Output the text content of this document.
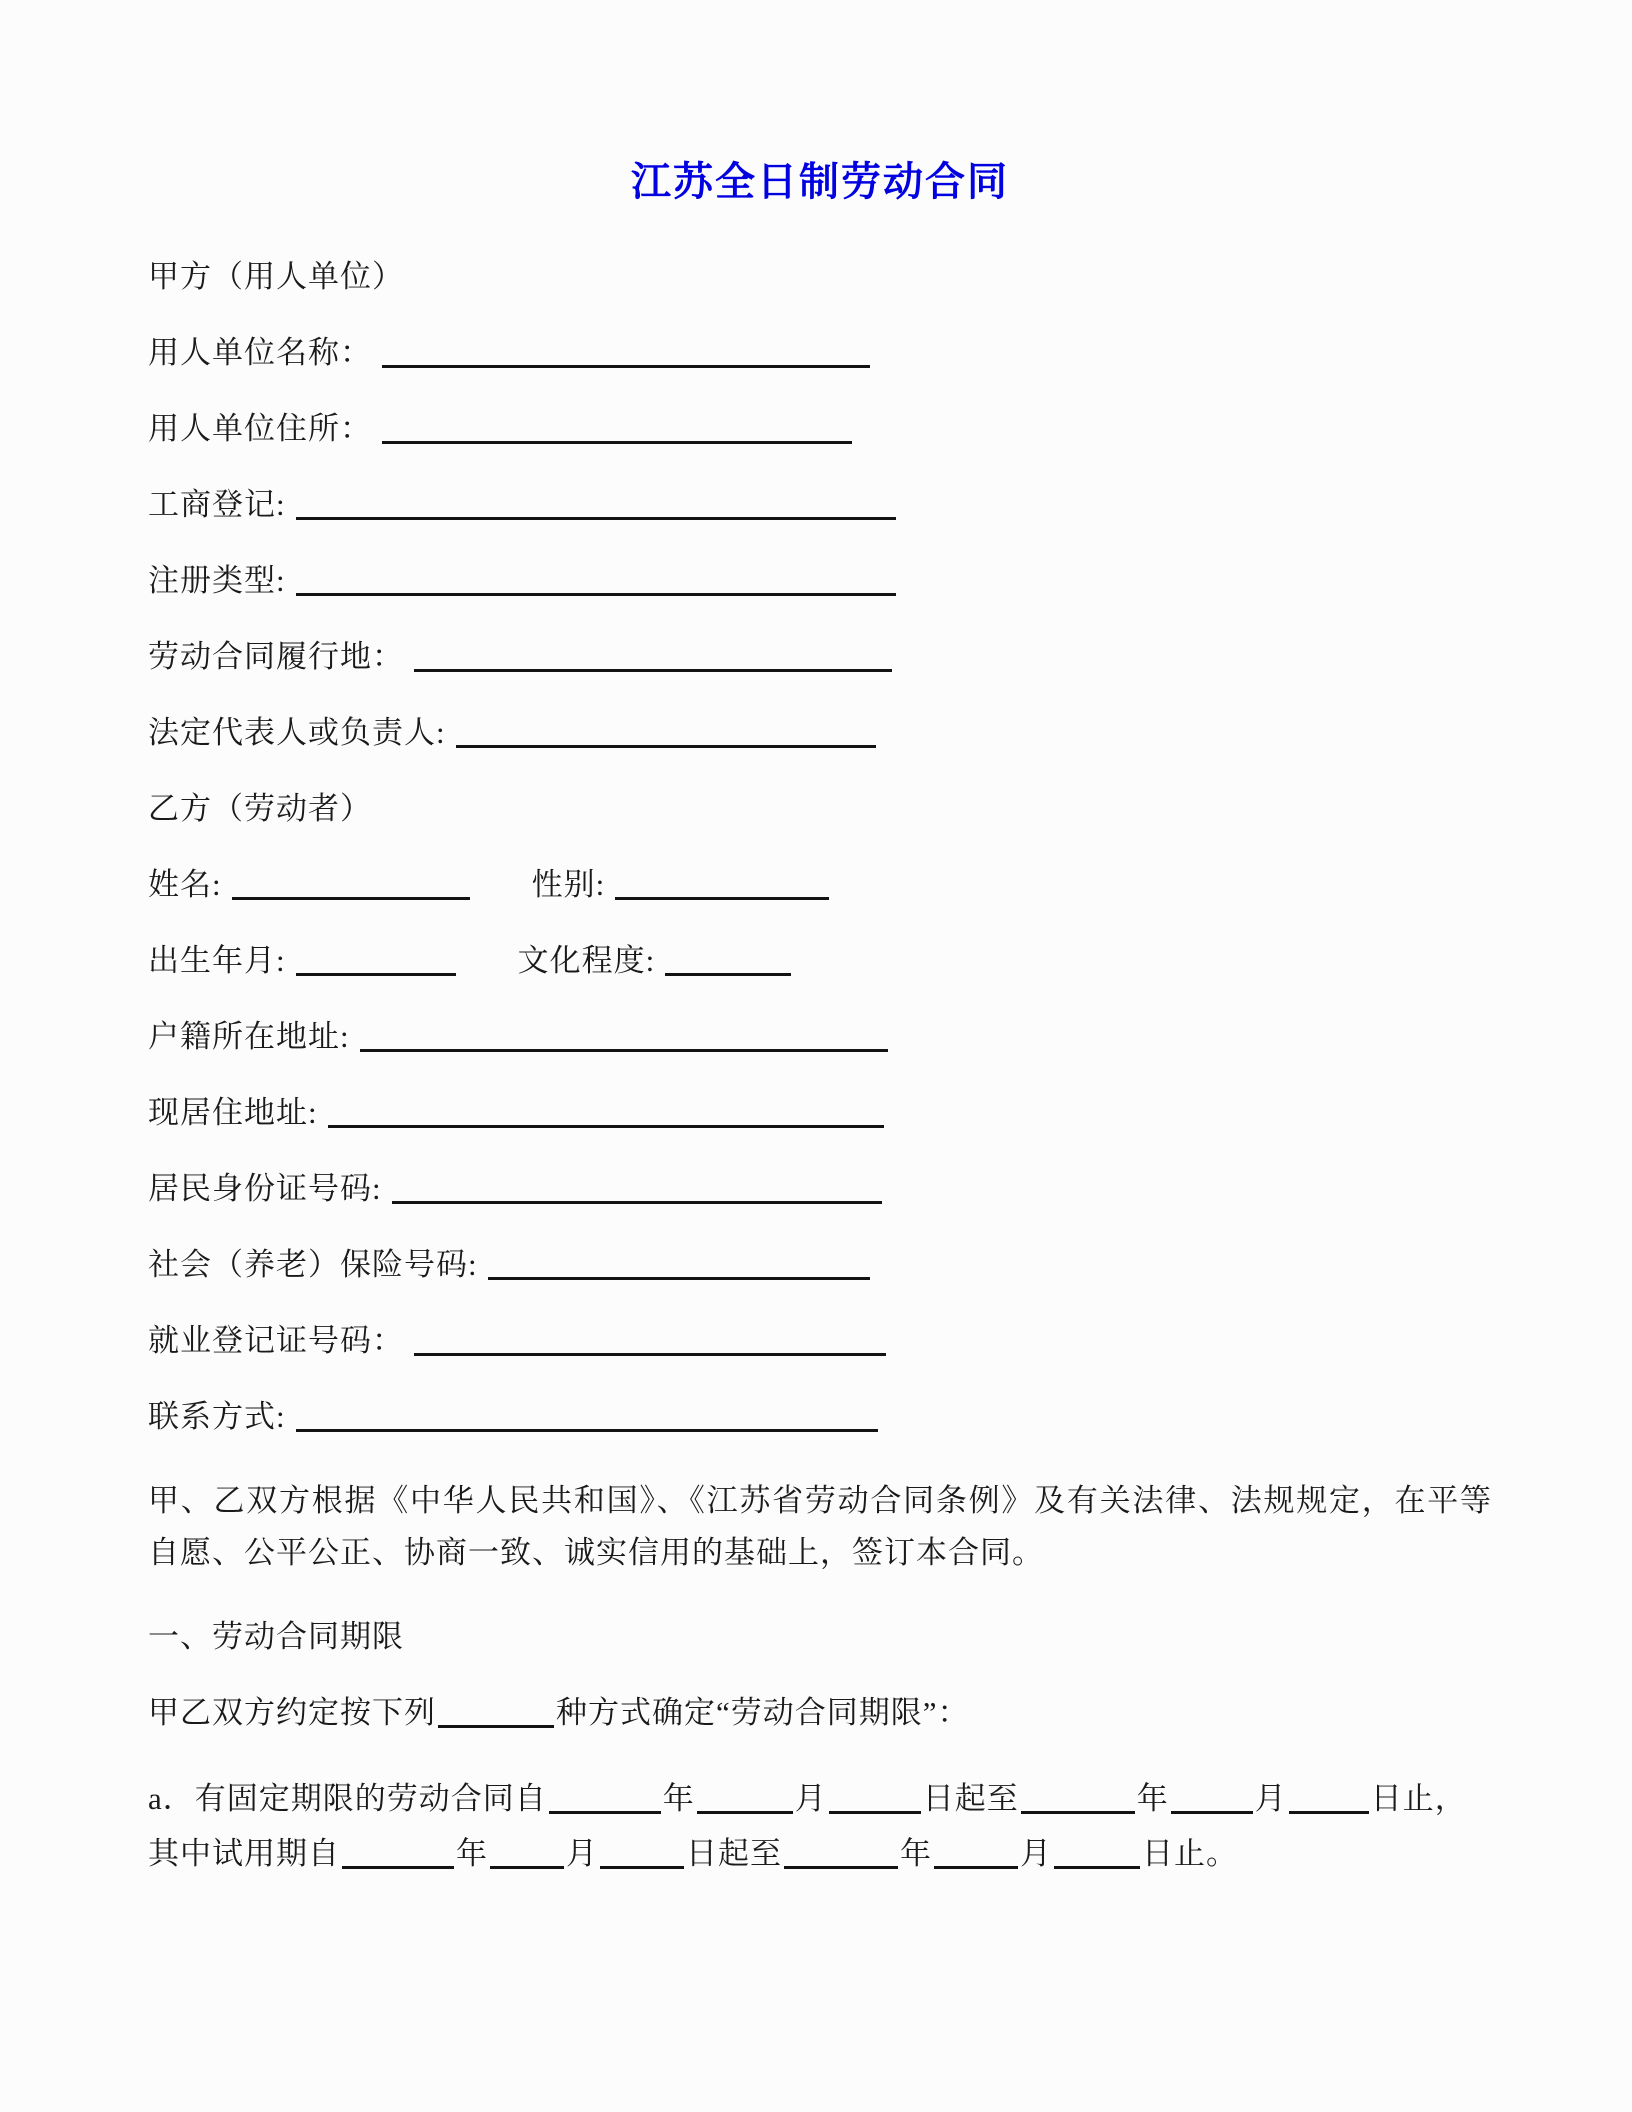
江苏全日制劳动合同
甲方（用人单位）
用人单位名称：
用人单位住所：
工商登记:
注册类型:
劳动合同履行地：
法定代表人或负责人:
乙方（劳动者）
姓名:	性别:
出生年月:	文化程度:
户籍所在地址:
现居住地址:
居民身份证号码:
社会（养老）保险号码:
就业登记证号码：
联系方式:

甲、乙双方根据《中华人民共和国》、《江苏省劳动合同条例》及有关法律、法规规定，在平等自愿、公平公正、协商一致、诚实信用的基础上，签订本合同。

一、劳动合同期限
甲乙双方约定按下列	种方式确定“劳动合同期限”：

a．有固定期限的劳动合同自	年	月	日起至	年	月	日止，其中试用期自	年	月	日起至	年	月	日止。
